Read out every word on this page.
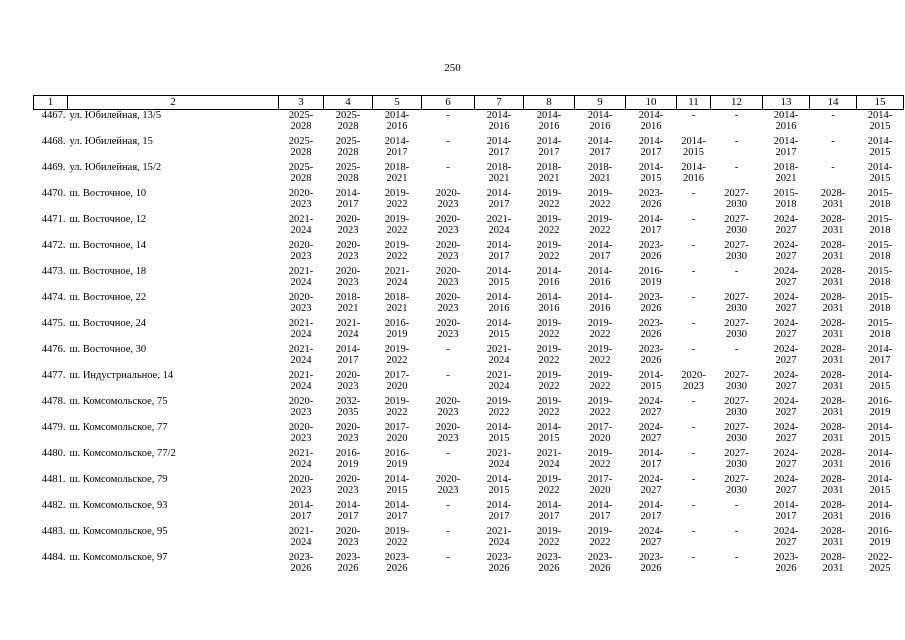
250
1	2	3	4	5	6	7	8	9	10	11	12	13	14	15
4467.	ул. Юбилейная, 13/5	2025-
2028	2025-
2028	2014-
2016	-	2014-
2016	2014-
2016	2014-
2016	2014-
2016	-	-	2014-
2016	-	2014-
2015

4468.	ул. Юбилейная, 15	2025-
2028	2025-
2028	2014-
2017	-	2014-
2017	2014-
2017	2014-
2017	2014-
2017	2014-
2015	-	2014-
2017	-	2014-
2015

4469.	ул. Юбилейная, 15/2	2025-
2028	2025-
2028	2018-
2021	-	2018-
2021	2018-
2021	2018-
2021	2014-
2015	2014-
2016	-	2018-
2021	-	2014-
2015

4470.	ш. Восточное, 10	2020-
2023	2014-
2017	2019-
2022	2020-
2023	2014-
2017	2019-
2022	2019-
2022	2023-
2026	-	2027-
2030	2015-
2018	2028-
2031	2015-
2018

4471.	ш. Восточное, 12	2021-
2024	2020-
2023	2019-
2022	2020-
2023	2021-
2024	2019-
2022	2019-
2022	2014-
2017	-	2027-
2030	2024-
2027	2028-
2031	2015-
2018

4472.	ш. Восточное, 14	2020-
2023	2020-
2023	2019-
2022	2020-
2023	2014-
2017	2019-
2022	2014-
2017	2023-
2026	-	2027-
2030	2024-
2027	2028-
2031	2015-
2018

4473.	ш. Восточное, 18	2021-
2024	2020-
2023	2021-
2024	2020-
2023	2014-
2015	2014-
2016	2014-
2016	2016-
2019	-	-	2024-
2027	2028-
2031	2015-
2018

4474.	ш. Восточное, 22	2020-
2023	2018-
2021	2018-
2021	2020-
2023	2014-
2016	2014-
2016	2014-
2016	2023-
2026	-	2027-
2030	2024-
2027	2028-
2031	2015-
2018

4475.	ш. Восточное, 24	2021-
2024	2021-
2024	2016-
2019	2020-
2023	2014-
2015	2019-
2022	2019-
2022	2023-
2026	-	2027-
2030	2024-
2027	2028-
2031	2015-
2018

4476.	ш. Восточное, 30	2021-
2024	2014-
2017	2019-
2022	-	2021-
2024	2019-
2022	2019-
2022	2023-
2026	-	-	2024-
2027	2028-
2031	2014-
2017

4477.	ш. Индустриальное, 14	2021-
2024	2020-
2023	2017-
2020	-	2021-
2024	2019-
2022	2019-
2022	2014-
2015	2020-
2023	2027-
2030	2024-
2027	2028-
2031	2014-
2015

4478.	ш. Комсомольское, 75	2020-
2023	2032-
2035	2019-
2022	2020-
2023	2019-
2022	2019-
2022	2019-
2022	2024-
2027	-	2027-
2030	2024-
2027	2028-
2031	2016-
2019

4479.	ш. Комсомольское, 77	2020-
2023	2020-
2023	2017-
2020	2020-
2023	2014-
2015	2014-
2015	2017-
2020	2024-
2027	-	2027-
2030	2024-
2027	2028-
2031	2014-
2015

4480.	ш. Комсомольское, 77/2	2021-
2024	2016-
2019	2016-
2019	-	2021-
2024	2021-
2024	2019-
2022	2014-
2017	-	2027-
2030	2024-
2027	2028-
2031	2014-
2016

4481.	ш. Комсомольское, 79	2020-
2023	2020-
2023	2014-
2015	2020-
2023	2014-
2015	2019-
2022	2017-
2020	2024-
2027	-	2027-
2030	2024-
2027	2028-
2031	2014-
2015

4482.	ш. Комсомольское, 93	2014-
2017	2014-
2017	2014-
2017	-	2014-
2017	2014-
2017	2014-
2017	2014-
2017	-	-	2014-
2017	2028-
2031	2014-
2016

4483.	ш. Комсомольское, 95	2021-
2024	2020-
2023	2019-
2022	-	2021-
2024	2019-
2022	2019-
2022	2024-
2027	-	-	2024-
2027	2028-
2031	2016-
2019

4484.	ш. Комсомольское, 97	2023-
2026	2023-
2026	2023-
2026	-	2023-
2026	2023-
2026	2023-
2026	2023-
2026	-	-	2023-
2026	2028-
2031	2022-
2025
